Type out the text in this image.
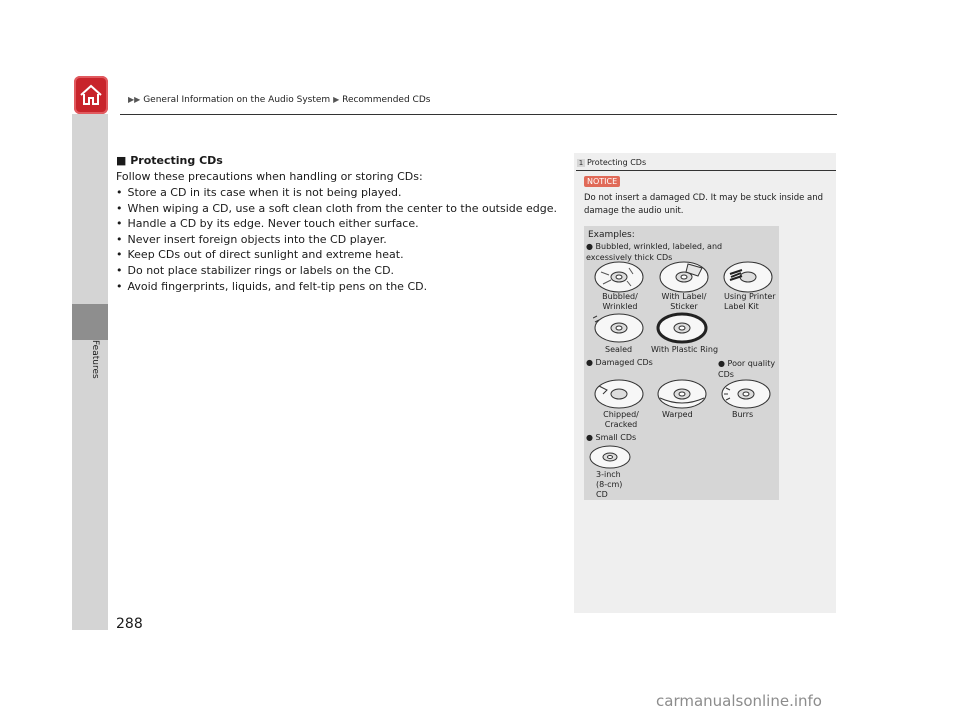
▶▶ General Information on the Audio System ▶ Recommended CDs
Features
■ Protecting CDs
Follow these precautions when handling or storing CDs:
• Store a CD in its case when it is not being played.
• When wiping a CD, use a soft clean cloth from the center to the outside edge.
• Handle a CD by its edge. Never touch either surface.
• Never insert foreign objects into the CD player.
• Keep CDs out of direct sunlight and extreme heat.
• Do not place stabilizer rings or labels on the CD.
• Avoid fingerprints, liquids, and felt-tip pens on the CD.
1 Protecting CDs
NOTICE
Do not insert a damaged CD. It may be stuck inside and damage the audio unit.
Examples:
● Bubbled, wrinkled, labeled, and excessively thick CDs
Bubbled/ Wrinkled
With Label/ Sticker
Using Printer Label Kit
Sealed With Plastic Ring
● Damaged CDs	● Poor quality CDs
Chipped/ Cracked
Warped	Burrs
● Small CDs
3-inch (8-cm) CD
288
carmanualsonline.info
